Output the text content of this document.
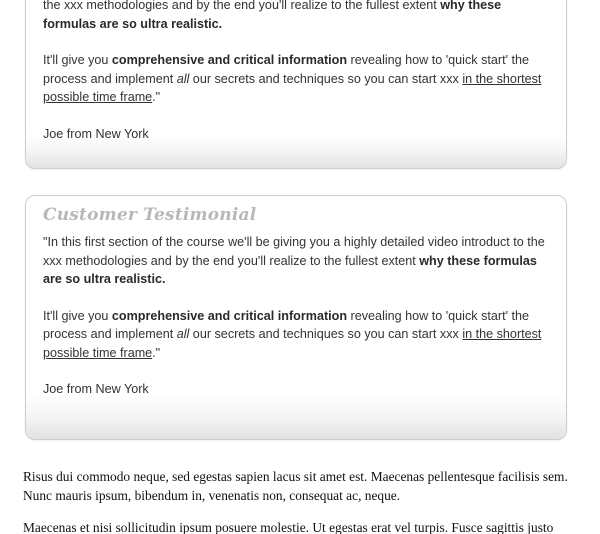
the xxx methodologies and by the end you'll realize to the fullest extent why these formulas are so ultra realistic.

It'll give you comprehensive and critical information revealing how to 'quick start' the process and implement all our secrets and techniques so you can start xxx in the shortest possible time frame."

Joe from New York

Customer Testimonial

"In this first section of the course we'll be giving you a highly detailed video introduct to the xxx methodologies and by the end you'll realize to the fullest extent why these formulas are so ultra realistic.

It'll give you comprehensive and critical information revealing how to 'quick start' the process and implement all our secrets and techniques so you can start xxx in the shortest possible time frame."

Joe from New York

Risus dui commodo neque, sed egestas sapien lacus sit amet est. Maecenas pellentesque facilisis sem. Nunc mauris ipsum, bibendum in, venenatis non, consequat ac, neque.

Maecenas et nisi sollicitudin ipsum posuere molestie. Ut egestas erat vel turpis. Fusce sagittis justo
